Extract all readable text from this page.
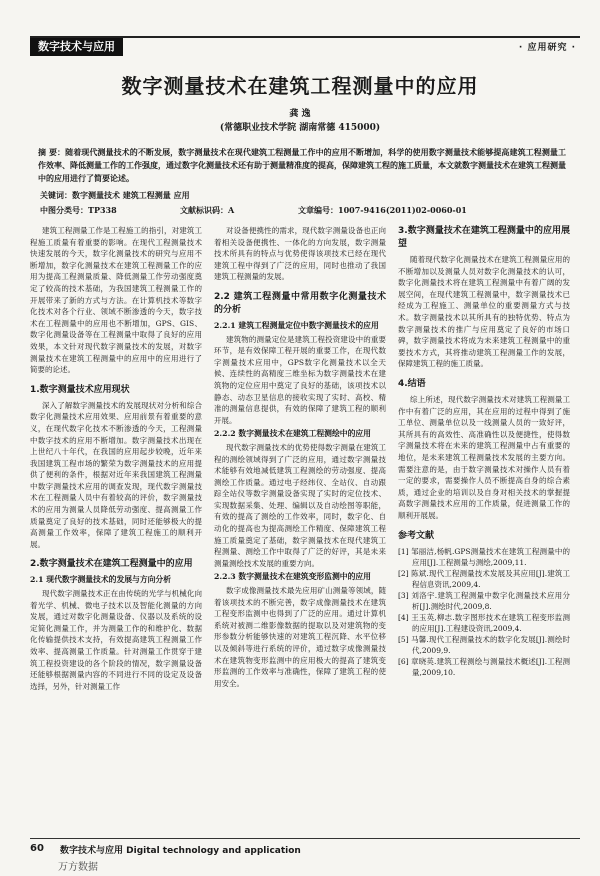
数字技术与应用	· 应用研究 ·
数字测量技术在建筑工程测量中的应用
龚 逸
(常德职业技术学院 湖南常德 415000)
摘 要：随着现代测量技术的不断发展，数字测量技术在现代建筑工程测量工作中的应用不断增加，科学的使用数字测量技术能够提高建筑工程测量工作效率、降低测量工作的工作强度，通过数字化测量技术还有助于测量精准度的提高，保障建筑工程的施工质量，本文就数字测量技术在建筑工程测量中的应用进行了简要论述。
关键词：数字测量技术 建筑工程测量 应用
中图分类号：TP338	文献标识码：A	文章编号：1007-9416(2011)02-0060-01

建筑工程测量工作是工程施工的指引，对建筑工程施工质量有着重要的影响。在现代工程测量技术快速发展的今天，数字化测量技术的研究与应用不断增加，数字化测量技术在建筑工程测量工作的应用为提高工程测量质量、降低测量工作劳动强度奠定了较高的技术基础，为我国建筑工程测量工作的开展带来了新的方式与方法。在计算机技术等数字化技术对各个行业、领域不断渗透的今天，数字技术在工程测量中的应用也不断增加，GPS、GIS、数字化测量设备等在工程测量中取得了良好的应用效果，本文针对现代数字测量技术的发展，对数字测量技术在建筑工程测量中的应用中的应用进行了简要的论述。

1.数字测量技术应用现状

深入了解数字测量技术的发展现状对分析和综合数字化测量技术应用效果、应用前景有着重要的意义，在现代数字化技术不断渗透的今天，工程测量中数字技术的应用不断增加。数字测量技术出现在上世纪八十年代，在我国的应用起步较晚，近年来我国建筑工程市场的繁荣为数字测量技术的应用提供了便利的条件，根据对近年来我国建筑工程测量中数字测量技术应用的调查发现，现代数字测量技术在工程测量人员中有着较高的评价，数字测量技术的应用为测量人员降低劳动强度、提高测量工作质量奠定了良好的技术基础，同时还能够极大的提高测量工作效率，保障了建筑工程施工的顺利开展。

2.数字测量技术在建筑工程测量中的应用
2.1 现代数字测量技术的发展与方向分析

现代数字测量技术正在由传统的光学与机械化向着光学、机械、微电子技术以及智能化测量的方向发展，通过对数字化测量设备、仪器以及系统的设定简化测量工作，并为测量工作的和维护化、数据化传输提供技术支持，有效提高建筑工程测量工作效率、提高测量工作质量。针对测量工作贯穿于建筑工程投资建设的各个阶段的情况，数字测量设备还能够根据测量内容的不同进行不同的设定及设备选择，另外，针对测量工作

对设备便携性的需求，现代数字测量设备也正向着相关设备便携性、一体化的方向发展，数字测量技术所具有的特点与优势使得该项技术已经在现代建筑工程中得到了广泛的应用，同时也推动了我国建筑工程测量的发展。

2.2 建筑工程测量中常用数字化测量技术的分析
2.2.1 建筑工程测量定位中数字测量技术的应用

建筑物的测量定位是建筑工程投资建设中的重要环节，是有效保障工程开展的重要工作，在现代数字测量技术应用中，GPS数字化测量技术以全天候、连续性的高精度三维坐标为数字测量技术在建筑物的定位应用中奠定了良好的基础，该项技术以静态、动态卫星信息的接收实现了实时、高校、精准的测量信息提供，有效的保障了建筑工程的顺利开展。

2.2.2 数字测量技术在建筑工程测绘中的应用

现代数字测量技术的优势使得数字测量在建筑工程的测绘领域得到了广泛的应用，通过数字测量技术能够有效地减低建筑工程测绘的劳动强度、提高测绘工作质量。通过电子经纬仪、全站仪、自动跟踪全站仪等数字测量设备实现了实时的定位技术、实现数据采集、处理、编辑以及自动绘图等职能，有效的提高了测绘的工作效率，同时，数字化、自动化的提高也为提高测绘工作精度、保障建筑工程施工质量奠定了基础，数字测量技术在现代建筑工程测量、测绘工作中取得了广泛的好评，其是未来测量测绘技术发展的重要方向。

2.2.3 数字测量技术在建筑变形监测中的应用

数字成像测量技术最先应用矿山测量等领域，随着该项技术的不断完善，数字成像测量技术在建筑工程变形监测中也得到了广泛的应用。通过计算机系统对被测二维影像数据的提取以及对建筑物的变形参数分析能够快速的对建筑工程沉降、水平位移以及倾斜等进行系统的评价，通过数字成像测量技术在建筑物变形监测中的应用极大的提高了建筑变形监测的工作效率与准确性，保障了建筑工程的使用安全。

3.数字测量技术在建筑工程测量中的应用展望

随着现代数字化测量技术在建筑工程测量应用的不断增加以及测量人员对数字化测量技术的认可，数字化测量技术将在建筑工程测量中有着广阔的发展空间，在现代建筑工程测量中，数字测量技术已经成为工程施工、测量单位的重要测量方式与技术。数字测量技术以其所具有的独特优势、特点为数字测量技术的推广与应用奠定了良好的市场口碑，数字测量技术将成为未来建筑工程测量中的重要技术方式，其将推动建筑工程测量工作的发展，保障建筑工程的施工质量。

4.结语

综上所述，现代数字测量技术对建筑工程测量工作中有着广泛的应用，其在应用的过程中得到了施工单位、测量单位以及一线测量人员的一致好评，其所具有的高效性、高准确性以及便捷性，使得数字测量技术将在未来的建筑工程测量中占有重要的地位，是未来建筑工程测量技术发展的主要方向。需要注意的是，由于数字测量技术对操作人员有着一定的要求，需要操作人员不断提高自身的综合素质，通过企业的培训以及自身对相关技术的掌握提高数字测量技术应用的工作质量，促进测量工作的顺利开展展。

参考文献
[1] 邹丽洁,杨帆.GPS测量技术在建筑工程测量中的应用[J].工程测量与测绘,2009,11.
[2] 陈斌.现代工程测量技术发展及其应用[J].建筑工程信息资讯,2009,4.
[3] 刘洛宇.建筑工程测量中数字化测量技术应用分析[J].测绘时代,2009,8.
[4] 王玉英,柳志.数字图形技术在建筑工程变形监测的应用[J].工程建设资讯,2009,4.
[5] 马馨.现代工程测量技术的数字化发展[J].测绘时代,2009,9.
[6] 章晓英.建筑工程测绘与测量技术概述[J].工程测量,2009,10.
60 数字技术与应用 Digital technology and application
万方数据
